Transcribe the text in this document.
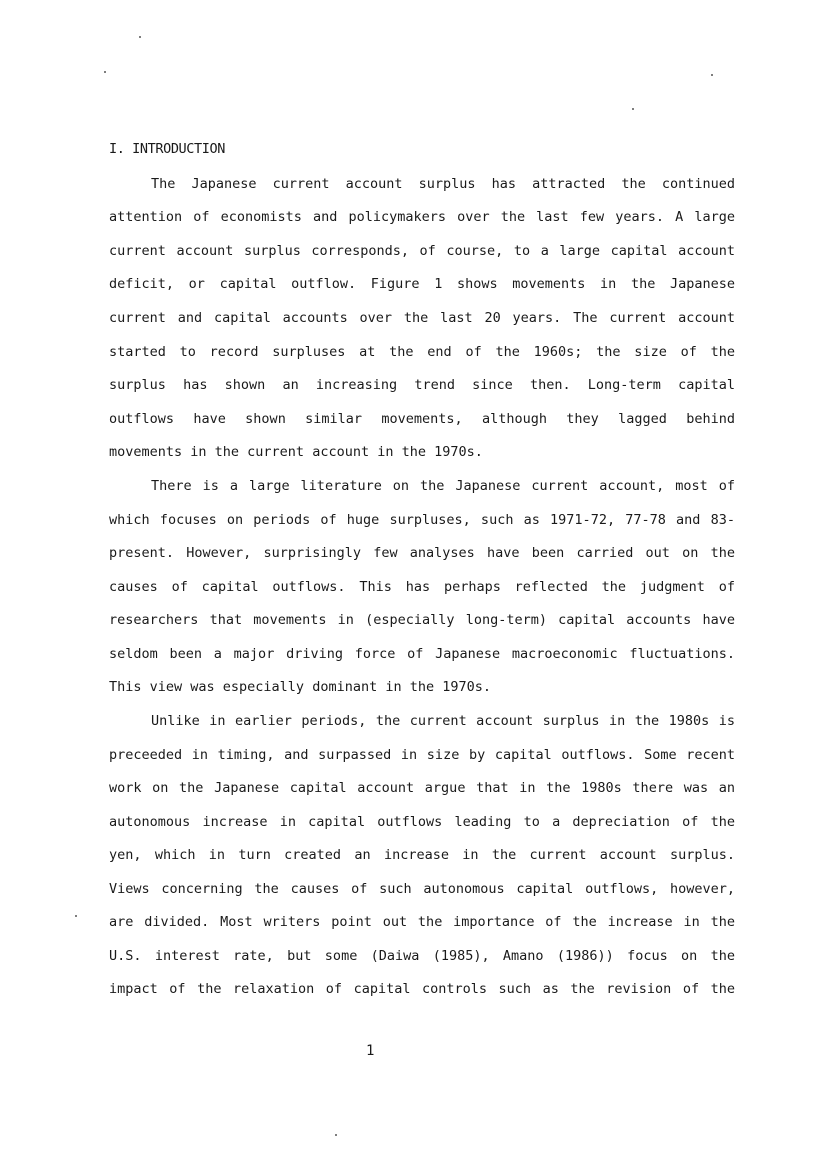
I. INTRODUCTION
The Japanese current account surplus has attracted the continued
attention of economists and policymakers over the last few years. A large
current account surplus corresponds, of course, to a large capital account
deficit, or capital outflow. Figure 1 shows movements in the Japanese
current and capital accounts over the last 20 years. The current account
started to record surpluses at the end of the 1960s; the size of the
surplus has shown an increasing trend since then. Long-term capital
outflows have shown similar movements, although they lagged behind
movements in the current account in the 1970s.
There is a large literature on the Japanese current account, most of
which focuses on periods of huge surpluses, such as 1971-72, 77-78 and 83-
present. However, surprisingly few analyses have been carried out on the
causes of capital outflows. This has perhaps reflected the judgment of
researchers that movements in (especially long-term) capital accounts have
seldom been a major driving force of Japanese macroeconomic fluctuations.
This view was especially dominant in the 1970s.
Unlike in earlier periods, the current account surplus in the 1980s is
preceeded in timing, and surpassed in size by capital outflows. Some recent
work on the Japanese capital account argue that in the 1980s there was an
autonomous increase in capital outflows leading to a depreciation of the
yen, which in turn created an increase in the current account surplus.
Views concerning the causes of such autonomous capital outflows, however,
are divided. Most writers point out the importance of the increase in the
U.S. interest rate, but some (Daiwa (1985), Amano (1986)) focus on the
impact of the relaxation of capital controls such as the revision of the
1
